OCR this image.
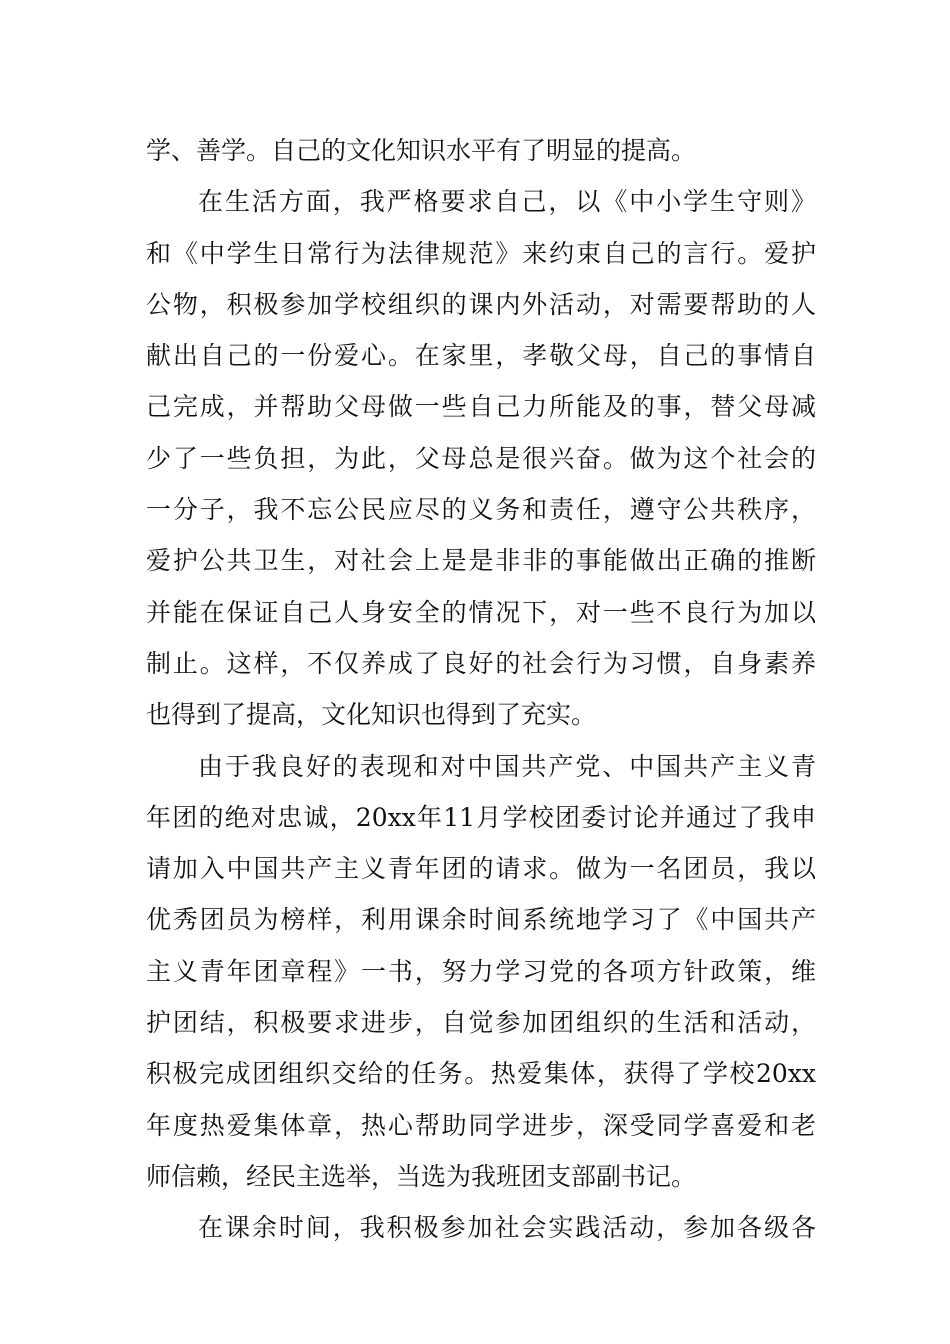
学、善学。自己的文化知识水平有了明显的提高。
在生活方面，我严格要求自己，以《中小学生守则》
和《中学生日常行为法律规范》来约束自己的言行。爱护
公物，积极参加学校组织的课内外活动，对需要帮助的人
献出自己的一份爱心。在家里，孝敬父母，自己的事情自
己完成，并帮助父母做一些自己力所能及的事，替父母减
少了一些负担，为此，父母总是很兴奋。做为这个社会的
一分子，我不忘公民应尽的义务和责任，遵守公共秩序，
爱护公共卫生，对社会上是是非非的事能做出正确的推断
并能在保证自己人身安全的情况下，对一些不良行为加以
制止。这样，不仅养成了良好的社会行为习惯，自身素养
也得到了提高，文化知识也得到了充实。
由于我良好的表现和对中国共产党、中国共产主义青
年团的绝对忠诚，20xx年11月学校团委讨论并通过了我申
请加入中国共产主义青年团的请求。做为一名团员，我以
优秀团员为榜样，利用课余时间系统地学习了《中国共产
主义青年团章程》一书，努力学习党的各项方针政策，维
护团结，积极要求进步，自觉参加团组织的生活和活动，
积极完成团组织交给的任务。热爱集体，获得了学校20xx
年度热爱集体章，热心帮助同学进步，深受同学喜爱和老
师信赖，经民主选举，当选为我班团支部副书记。
在课余时间，我积极参加社会实践活动，参加各级各
